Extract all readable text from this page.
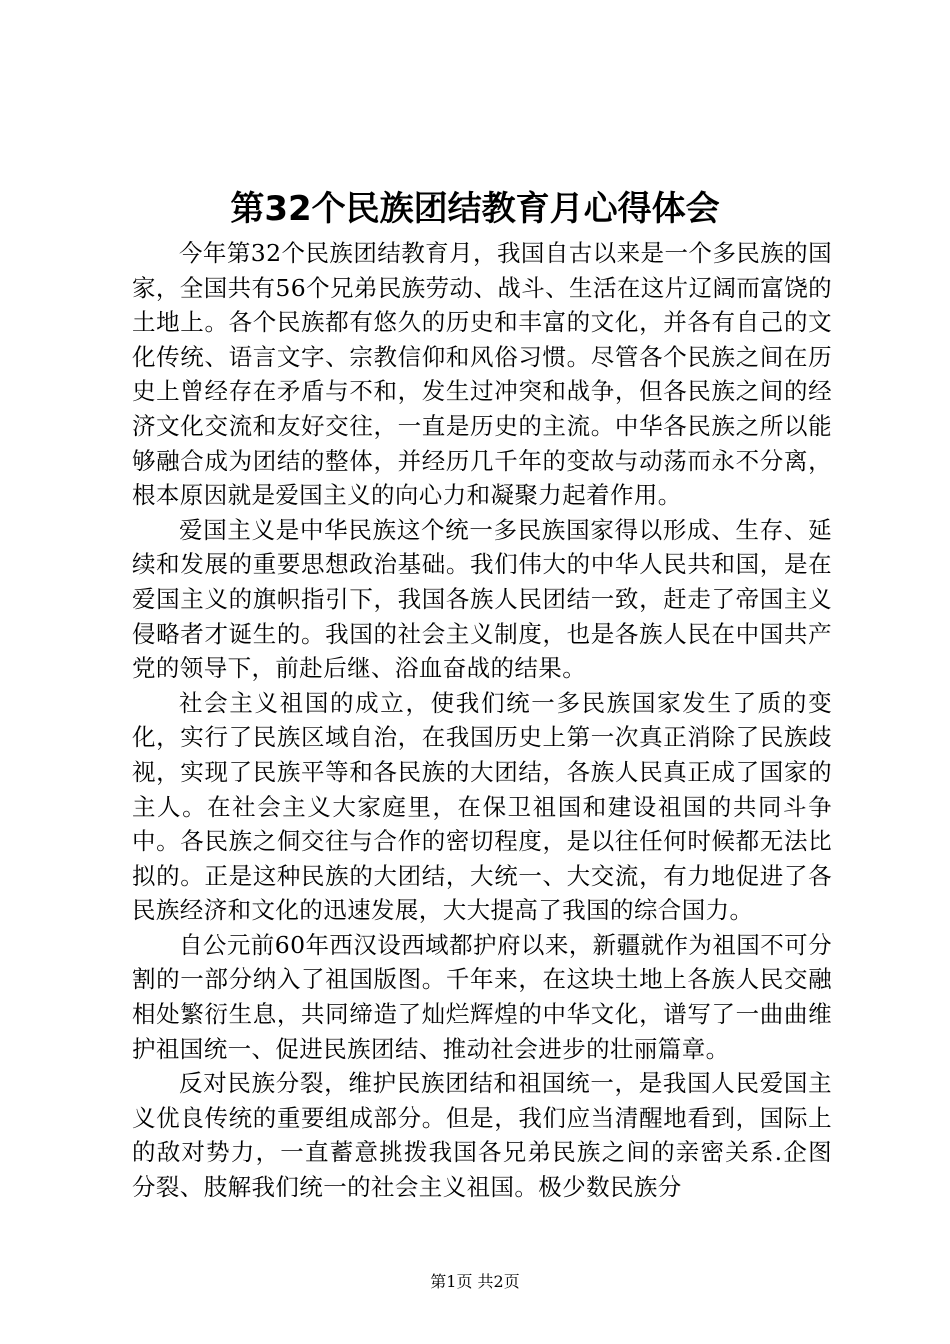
第32个民族团结教育月心得体会

今年第32个民族团结教育月，我国自古以来是一个多民族的国家，全国共有56个兄弟民族劳动、战斗、生活在这片辽阔而富饶的土地上。各个民族都有悠久的历史和丰富的文化，并各有自己的文化传统、语言文字、宗教信仰和风俗习惯。尽管各个民族之间在历史上曾经存在矛盾与不和，发生过冲突和战争，但各民族之间的经济文化交流和友好交往，一直是历史的主流。中华各民族之所以能够融合成为团结的整体，并经历几千年的变故与动荡而永不分离，根本原因就是爱国主义的向心力和凝聚力起着作用。

爱国主义是中华民族这个统一多民族国家得以形成、生存、延续和发展的重要思想政治基础。我们伟大的中华人民共和国，是在爱国主义的旗帜指引下，我国各族人民团结一致，赶走了帝国主义侵略者才诞生的。我国的社会主义制度，也是各族人民在中国共产党的领导下，前赴后继、浴血奋战的结果。

社会主义祖国的成立，使我们统一多民族国家发生了质的变化，实行了民族区域自治，在我国历史上第一次真正消除了民族歧视，实现了民族平等和各民族的大团结，各族人民真正成了国家的主人。在社会主义大家庭里，在保卫祖国和建设祖国的共同斗争中。各民族之侗交往与合作的密切程度，是以往任何时候都无法比拟的。正是这种民族的大团结，大统一、大交流，有力地促进了各民族经济和文化的迅速发展，大大提高了我国的综合国力。

自公元前60年西汉设西域都护府以来，新疆就作为祖国不可分割的一部分纳入了祖国版图。千年来，在这块土地上各族人民交融相处繁衍生息，共同缔造了灿烂辉煌的中华文化，谱写了一曲曲维护祖国统一、促进民族团结、推动社会进步的壮丽篇章。

反对民族分裂，维护民族团结和祖国统一，是我国人民爱国主义优良传统的重要组成部分。但是，我们应当清醒地看到，国际上的敌对势力，一直蓄意挑拨我国各兄弟民族之间的亲密关系.企图分裂、肢解我们统一的社会主义祖国。极少数民族分

第1页 共2页
